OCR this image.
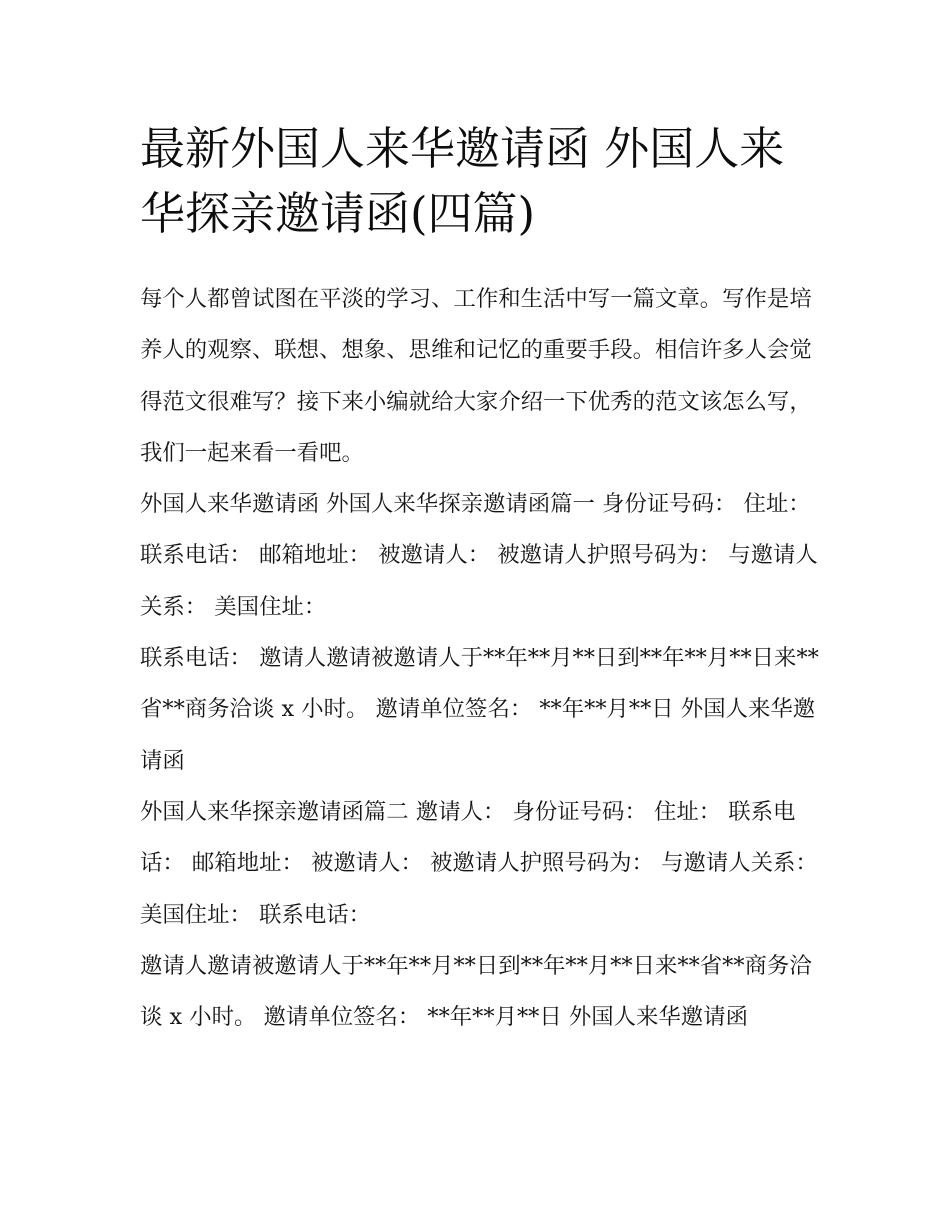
最新外国人来华邀请函 外国人来华探亲邀请函(四篇)

每个人都曾试图在平淡的学习、工作和生活中写一篇文章。写作是培养人的观察、联想、想象、思维和记忆的重要手段。相信许多人会觉得范文很难写？接下来小编就给大家介绍一下优秀的范文该怎么写，我们一起来看一看吧。

外国人来华邀请函 外国人来华探亲邀请函篇一 身份证号码： 住址： 联系电话： 邮箱地址： 被邀请人： 被邀请人护照号码为： 与邀请人关系： 美国住址：

联系电话： 邀请人邀请被邀请人于**年**月**日到**年**月**日来**省**商务洽谈 x 小时。 邀请单位签名： **年**月**日 外国人来华邀请函

外国人来华探亲邀请函篇二 邀请人： 身份证号码： 住址： 联系电话： 邮箱地址： 被邀请人： 被邀请人护照号码为： 与邀请人关系： 美国住址： 联系电话：

邀请人邀请被邀请人于**年**月**日到**年**月**日来**省**商务洽谈 x 小时。 邀请单位签名： **年**月**日 外国人来华邀请函
